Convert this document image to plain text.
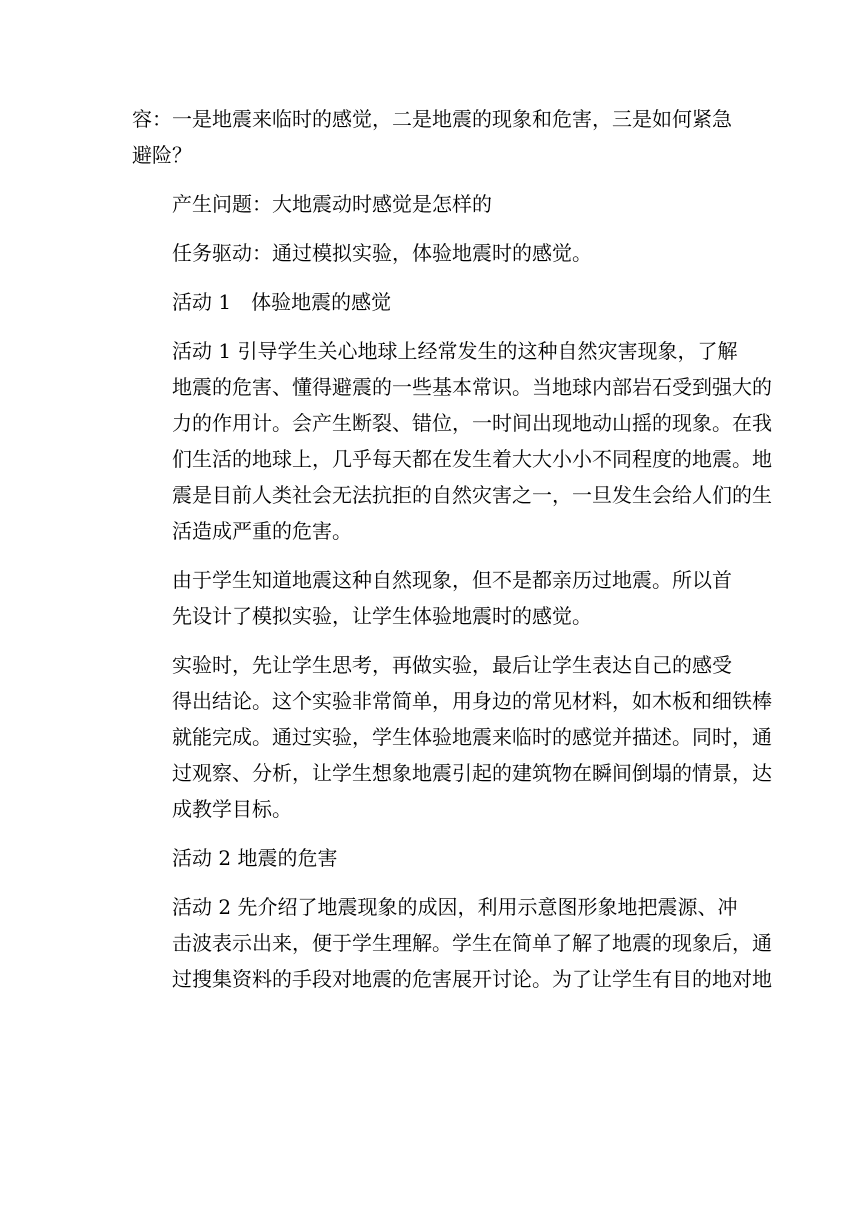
容：一是地震来临时的感觉，二是地震的现象和危害，三是如何紧急
避险？

产生问题：大地震动时感觉是怎样的

任务驱动：通过模拟实验，体验地震时的感觉。

活动 1　体验地震的感觉

活动 1 引导学生关心地球上经常发生的这种自然灾害现象，了解
地震的危害、懂得避震的一些基本常识。当地球内部岩石受到强大的
力的作用计。会产生断裂、错位，一时间出现地动山摇的现象。在我
们生活的地球上，几乎每天都在发生着大大小小不同程度的地震。地
震是目前人类社会无法抗拒的自然灾害之一，一旦发生会给人们的生
活造成严重的危害。

由于学生知道地震这种自然现象，但不是都亲历过地震。所以首
先设计了模拟实验，让学生体验地震时的感觉。

实验时，先让学生思考，再做实验，最后让学生表达自己的感受
得出结论。这个实验非常简单，用身边的常见材料，如木板和细铁棒
就能完成。通过实验，学生体验地震来临时的感觉并描述。同时，通
过观察、分析，让学生想象地震引起的建筑物在瞬间倒塌的情景，达
成教学目标。

活动 2 地震的危害

活动 2 先介绍了地震现象的成因，利用示意图形象地把震源、冲
击波表示出来，便于学生理解。学生在简单了解了地震的现象后，通
过搜集资料的手段对地震的危害展开讨论。为了让学生有目的地对地
